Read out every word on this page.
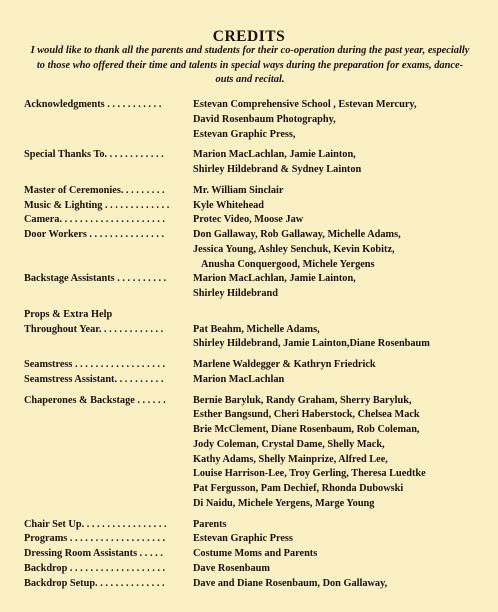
CREDITS
I would like to thank all the parents and students for their co-operation during the past year, especially to those who offered their time and talents in special ways during the preparation for exams, dance-outs and recital.
Acknowledgments . . . . . . . . . . .	Estevan Comprehensive School , Estevan Mercury,
David Rosenbaum Photography,
Estevan Graphic Press,
Special Thanks To. . . . . . . . . . . .	Marion MacLachlan, Jamie Lainton,
Shirley Hildebrand & Sydney Lainton
Master of Ceremonies. . . . . . . . .	Mr. William Sinclair
Music & Lighting . . . . . . . . . . . . .	Kyle Whitehead
Camera. . . . . . . . . . . . . . . . . . . . .	Protec Video, Moose Jaw
Door Workers . . . . . . . . . . . . . . .	Don Gallaway, Rob Gallaway, Michelle Adams,
Jessica Young, Ashley Senchuk, Kevin Kobitz,
Anusha Conquergood, Michele Yergens
Backstage Assistants . . . . . . . . . .	Marion MacLachlan, Jamie Lainton,
Shirley Hildebrand
Props & Extra Help
Throughout Year. . . . . . . . . . . . .
	Pat Beahm, Michelle Adams,
Shirley Hildebrand, Jamie Lainton,Diane Rosenbaum
Seamstress . . . . . . . . . . . . . . . . . .	Marlene Waldegger & Kathryn Friedrick
Seamstress Assistant. . . . . . . . . .	Marion MacLachlan
Chaperones & Backstage . . . . . .	Bernie Baryluk, Randy Graham, Sherry Baryluk,
Esther Bangsund, Cheri Haberstock, Chelsea Mack
Brie McClement, Diane Rosenbaum, Rob Coleman,
Jody Coleman, Crystal Dame, Shelly Mack,
Kathy Adams, Shelly Mainprize, Alfred Lee,
Louise Harrison-Lee, Troy Gerling, Theresa Luedtke
Pat Fergusson, Pam Dechief, Rhonda Dubowski
Di Naidu, Michele Yergens, Marge Young
Chair Set Up. . . . . . . . . . . . . . . . .	Parents
Programs . . . . . . . . . . . . . . . . . . .	Estevan Graphic Press
Dressing Room Assistants . . . . .	Costume Moms and Parents
Backdrop . . . . . . . . . . . . . . . . . . .	Dave Rosenbaum
Backdrop Setup. . . . . . . . . . . . . .	Dave and Diane Rosenbaum, Don Gallaway,
